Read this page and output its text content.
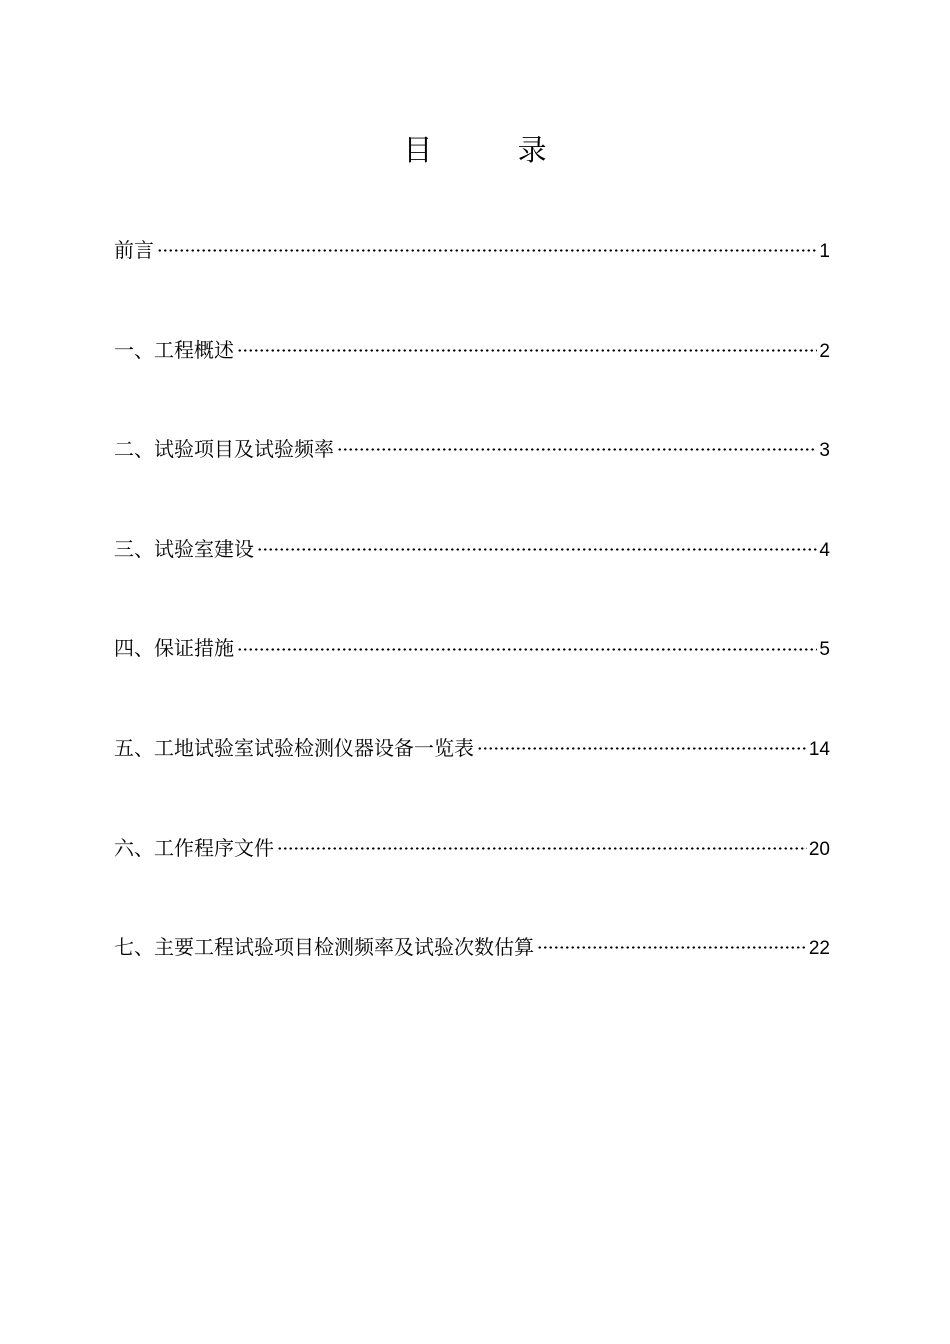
目 录
前言	1
一、工程概述	2
二、试验项目及试验频率	3
三、试验室建设	4
四、保证措施	5
五、工地试验室试验检测仪器设备一览表	14
六、工作程序文件	20
七、主要工程试验项目检测频率及试验次数估算	22
